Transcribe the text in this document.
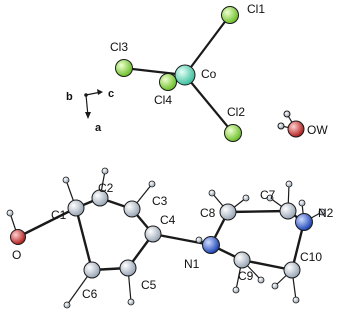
Cl1
Cl3
Co
Cl4
Cl2
OW
C1
C2
C3
C4
C5
C6
O
N1
C8
C7
N2
C10
C9
b	c
a
